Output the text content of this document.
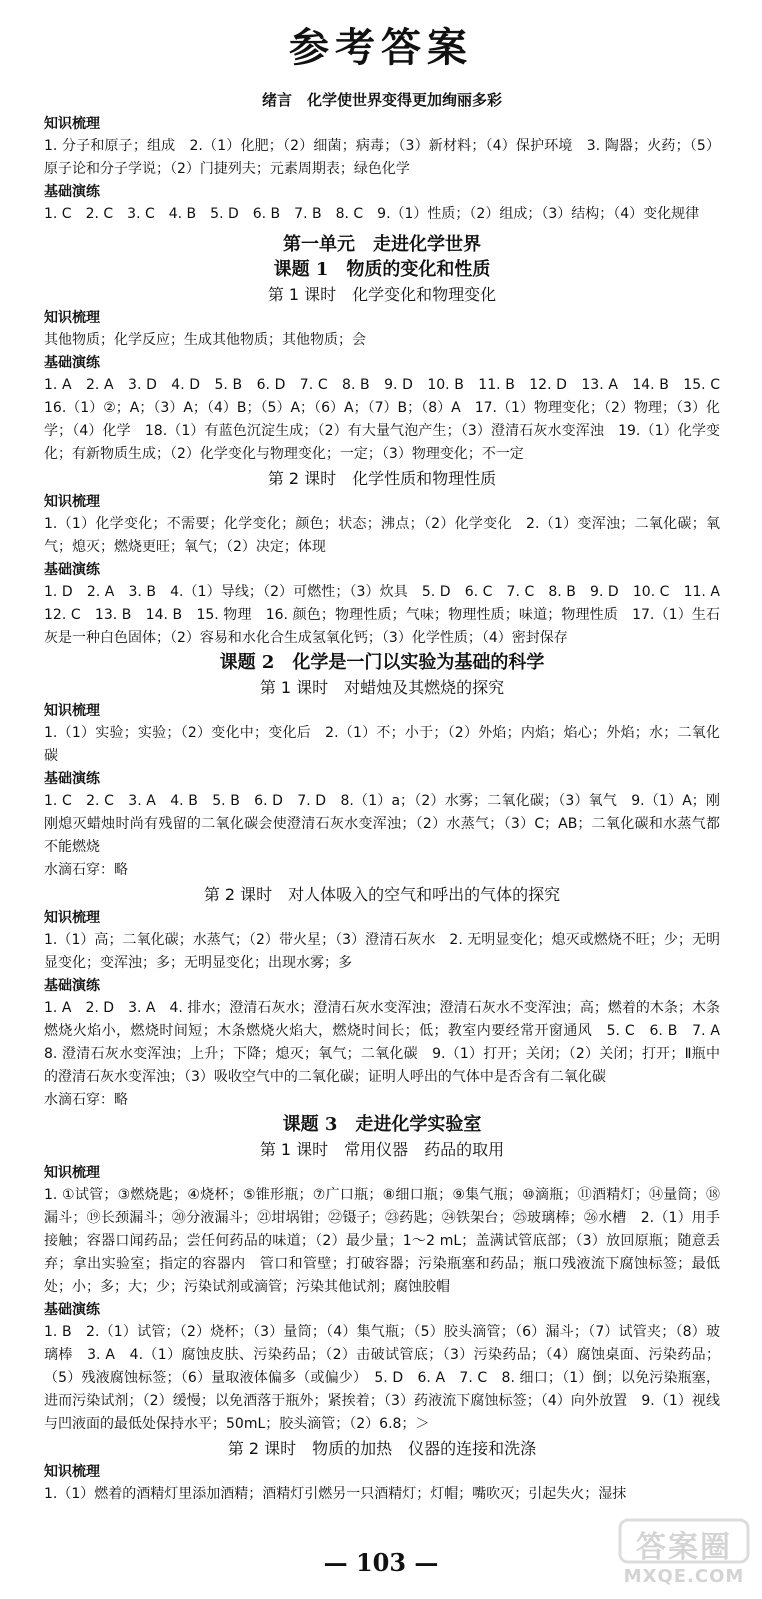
参考答案
绪言　化学使世界变得更加绚丽多彩
知识梳理
1. 分子和原子；组成　2.（1）化肥；（2）细菌；病毒；（3）新材料；（4）保护环境　3. 陶器；火药；（5）原子论和分子学说；（2）门捷列夫；元素周期表；绿色化学
基础演练
1. C　2. C　3. C　4. B　5. D　6. B　7. B　8. C　9.（1）性质；（2）组成；（3）结构；（4）变化规律
第一单元　走进化学世界
课题 1　物质的变化和性质
第 1 课时　化学变化和物理变化
知识梳理
其他物质；化学反应；生成其他物质；其他物质；会
基础演练
1. A　2. A　3. D　4. D　5. B　6. D　7. C　8. B　9. D　10. B　11. B　12. D　13. A　14. B　15. C　16.（1）②；A；（3）A；（4）B；（5）A；（6）A；（7）B；（8）A　17.（1）物理变化；（2）物理；（3）化学；（4）化学　18.（1）有蓝色沉淀生成；（2）有大量气泡产生；（3）澄清石灰水变浑浊　19.（1）化学变化；有新物质生成；（2）化学变化与物理变化；一定；（3）物理变化；不一定
第 2 课时　化学性质和物理性质
知识梳理
1.（1）化学变化；不需要；化学变化；颜色；状态；沸点；（2）化学变化　2.（1）变浑浊；二氧化碳；氧气；熄灭；燃烧更旺；氧气；（2）决定；体现
基础演练
1. D　2. A　3. B　4.（1）导线；（2）可燃性；（3）炊具　5. D　6. C　7. C　8. B　9. D　10. C　11. A　12. C　13. B　14. B　15. 物理　16. 颜色；物理性质；气味；物理性质；味道；物理性质　17.（1）生石灰是一种白色固体；（2）容易和水化合生成氢氧化钙；（3）化学性质；（4）密封保存
课题 2　化学是一门以实验为基础的科学
第 1 课时　对蜡烛及其燃烧的探究
知识梳理
1.（1）实验；实验；（2）变化中；变化后　2.（1）不；小于；（2）外焰；内焰；焰心；外焰；水；二氧化碳
基础演练
1. C　2. C　3. A　4. B　5. B　6. D　7. D　8.（1）a；（2）水雾；二氧化碳；（3）氧气　9.（1）A；刚刚熄灭蜡烛时尚有残留的二氧化碳会使澄清石灰水变浑浊；（2）水蒸气；（3）C；AB；二氧化碳和水蒸气都不能燃烧
水滴石穿：略
第 2 课时　对人体吸入的空气和呼出的气体的探究
知识梳理
1.（1）高；二氧化碳；水蒸气；（2）带火星；（3）澄清石灰水　2. 无明显变化；熄灭或燃烧不旺；少；无明显变化；变浑浊；多；无明显变化；出现水雾；多
基础演练
1. A　2. D　3. A　4. 排水；澄清石灰水；澄清石灰水变浑浊；澄清石灰水不变浑浊；高；燃着的木条；木条燃烧火焰小，燃烧时间短；木条燃烧火焰大，燃烧时间长；低；教室内要经常开窗通风　5. C　6. B　7. A　8. 澄清石灰水变浑浊；上升；下降；熄灭；氧气；二氧化碳　9.（1）打开；关闭；（2）关闭；打开；Ⅱ瓶中的澄清石灰水变浑浊；（3）吸收空气中的二氧化碳；证明人呼出的气体中是否含有二氧化碳
水滴石穿：略
课题 3　走进化学实验室
第 1 课时　常用仪器　药品的取用
知识梳理
1. ①试管；③燃烧匙；④烧杯；⑤锥形瓶；⑦广口瓶；⑧细口瓶；⑨集气瓶；⑩滴瓶；⑪酒精灯；⑭量筒；⑱漏斗；⑲长颈漏斗；⑳分液漏斗；㉑坩埚钳；㉒镊子；㉓药匙；㉔铁架台；㉕玻璃棒；㉖水槽　2.（1）用手接触；容器口闻药品；尝任何药品的味道；（2）最少量；1～2 mL；盖满试管底部；（3）放回原瓶；随意丢弃；拿出实验室；指定的容器内　管口和管壁；打破容器；污染瓶塞和药品；瓶口残液流下腐蚀标签；最低处；小；多；大；少；污染试剂或滴管；污染其他试剂；腐蚀胶帽
基础演练
1. B　2.（1）试管；（2）烧杯；（3）量筒；（4）集气瓶；（5）胶头滴管；（6）漏斗；（7）试管夹；（8）玻璃棒　3. A　4.（1）腐蚀皮肤、污染药品；（2）击破试管底；（3）污染药品；（4）腐蚀桌面、污染药品；（5）残液腐蚀标签；（6）量取液体偏多（或偏少）　5. D　6. A　7. C　8. 细口；（1）倒；以免污染瓶塞，进而污染试剂；（2）缓慢；以免酒落于瓶外；紧挨着；（3）药液流下腐蚀标签；（4）向外放置　9.（1）视线与凹液面的最低处保持水平；50mL；胶头滴管；（2）6.8；＞
第 2 课时　物质的加热　仪器的连接和洗涤
知识梳理
1.（1）燃着的酒精灯里添加酒精；酒精灯引燃另一只酒精灯；灯帽；嘴吹灭；引起失火；湿抹
— 103 —	答案圈
MXQE.COM
